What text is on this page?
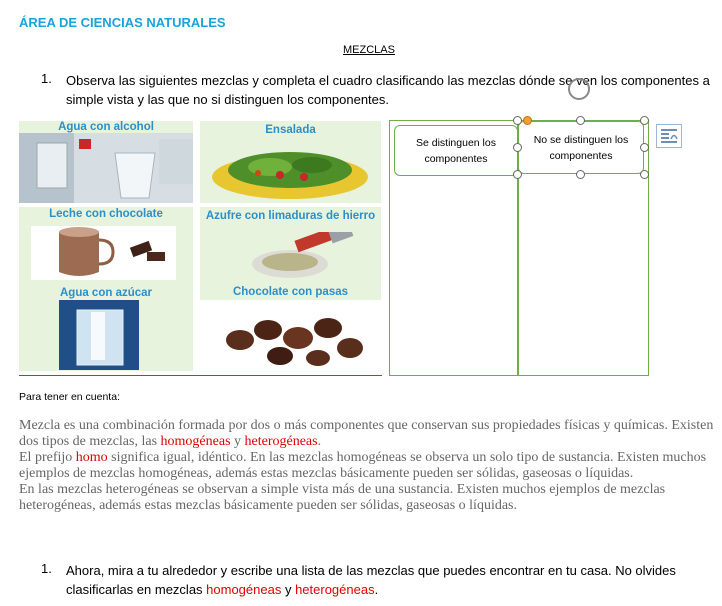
ÁREA DE CIENCIAS NATURALES
MEZCLAS
1. Observa las siguientes mezclas y completa el cuadro clasificando las mezclas dónde se ven los componentes a simple vista y las que no si distinguen los componentes.
Agua con alcohol	Ensalada
Leche con chocolate	Azufre con limaduras de hierro
Agua con azúcar	Chocolate con pasas
Se distinguen los componentes
No se distinguen los componentes
Para tener en cuenta:
Mezcla es una combinación formada por dos o más componentes que conservan sus propiedades físicas y químicas. Existen dos tipos de mezclas, las homogéneas y heterogéneas.
El prefijo homo significa igual, idéntico. En las mezclas homogéneas se observa un solo tipo de sustancia. Existen muchos ejemplos de mezclas homogéneas, además estas mezclas básicamente pueden ser sólidas, gaseosas o líquidas.
En las mezclas heterogéneas se observan a simple vista más de una sustancia. Existen muchos ejemplos de mezclas heterogéneas, además estas mezclas básicamente pueden ser sólidas, gaseosas o líquidas.
1. Ahora, mira a tu alrededor y escribe una lista de las mezclas que puedes encontrar en tu casa. No olvides clasificarlas en mezclas homogéneas y heterogéneas.
